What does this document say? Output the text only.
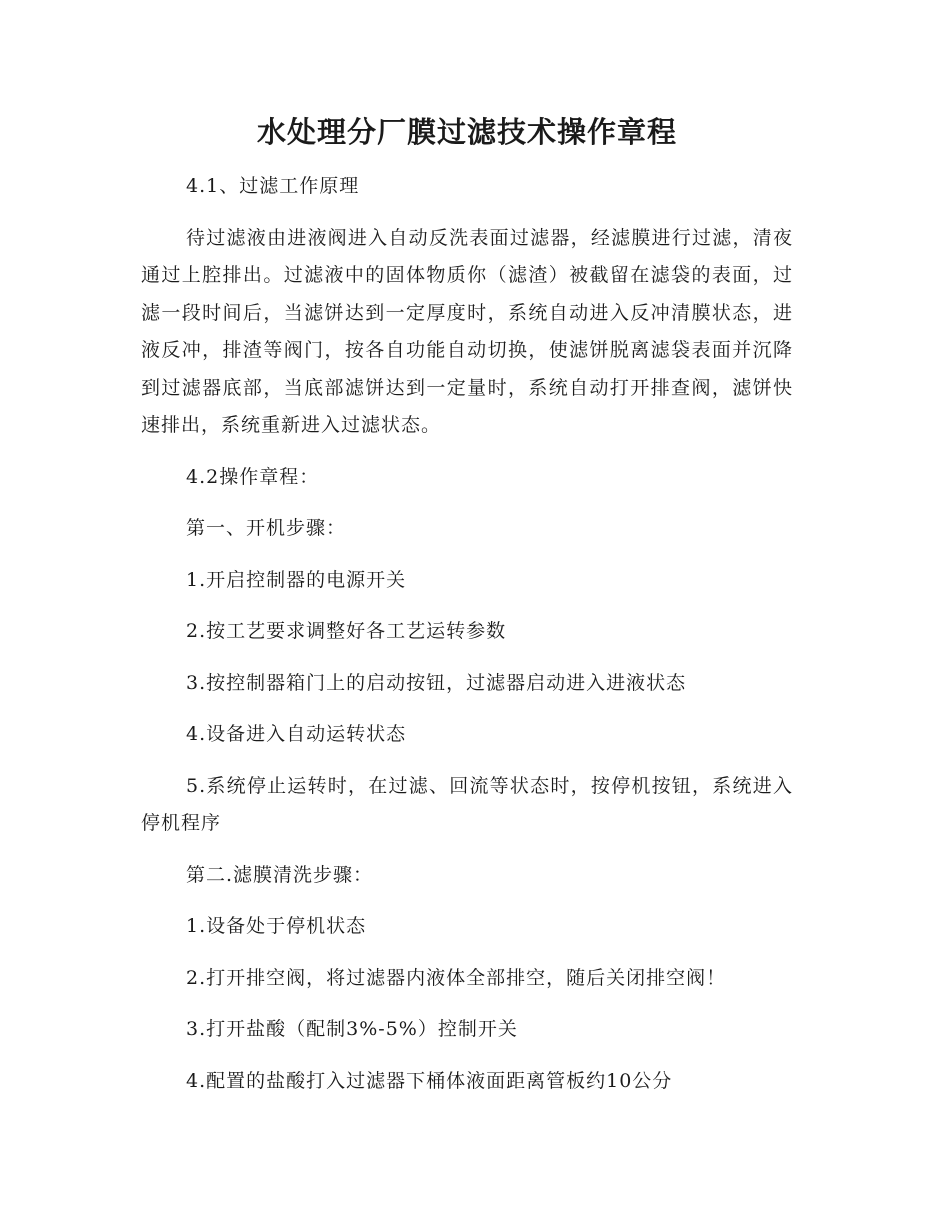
水处理分厂膜过滤技术操作章程

4.1、过滤工作原理

待过滤液由进液阀进入自动反洗表面过滤器，经滤膜进行过滤，清夜通过上腔排出。过滤液中的固体物质你（滤渣）被截留在滤袋的表面，过滤一段时间后，当滤饼达到一定厚度时，系统自动进入反冲清膜状态，进液反冲，排渣等阀门，按各自功能自动切换，使滤饼脱离滤袋表面并沉降到过滤器底部，当底部滤饼达到一定量时，系统自动打开排查阀，滤饼快速排出，系统重新进入过滤状态。

4.2操作章程：

第一、开机步骤：

1.开启控制器的电源开关

2.按工艺要求调整好各工艺运转参数

3.按控制器箱门上的启动按钮，过滤器启动进入进液状态

4.设备进入自动运转状态

5.系统停止运转时，在过滤、回流等状态时，按停机按钮，系统进入停机程序

第二.滤膜清洗步骤：

1.设备处于停机状态

2.打开排空阀，将过滤器内液体全部排空，随后关闭排空阀！

3.打开盐酸（配制3%-5%）控制开关

4.配置的盐酸打入过滤器下桶体液面距离管板约10公分
